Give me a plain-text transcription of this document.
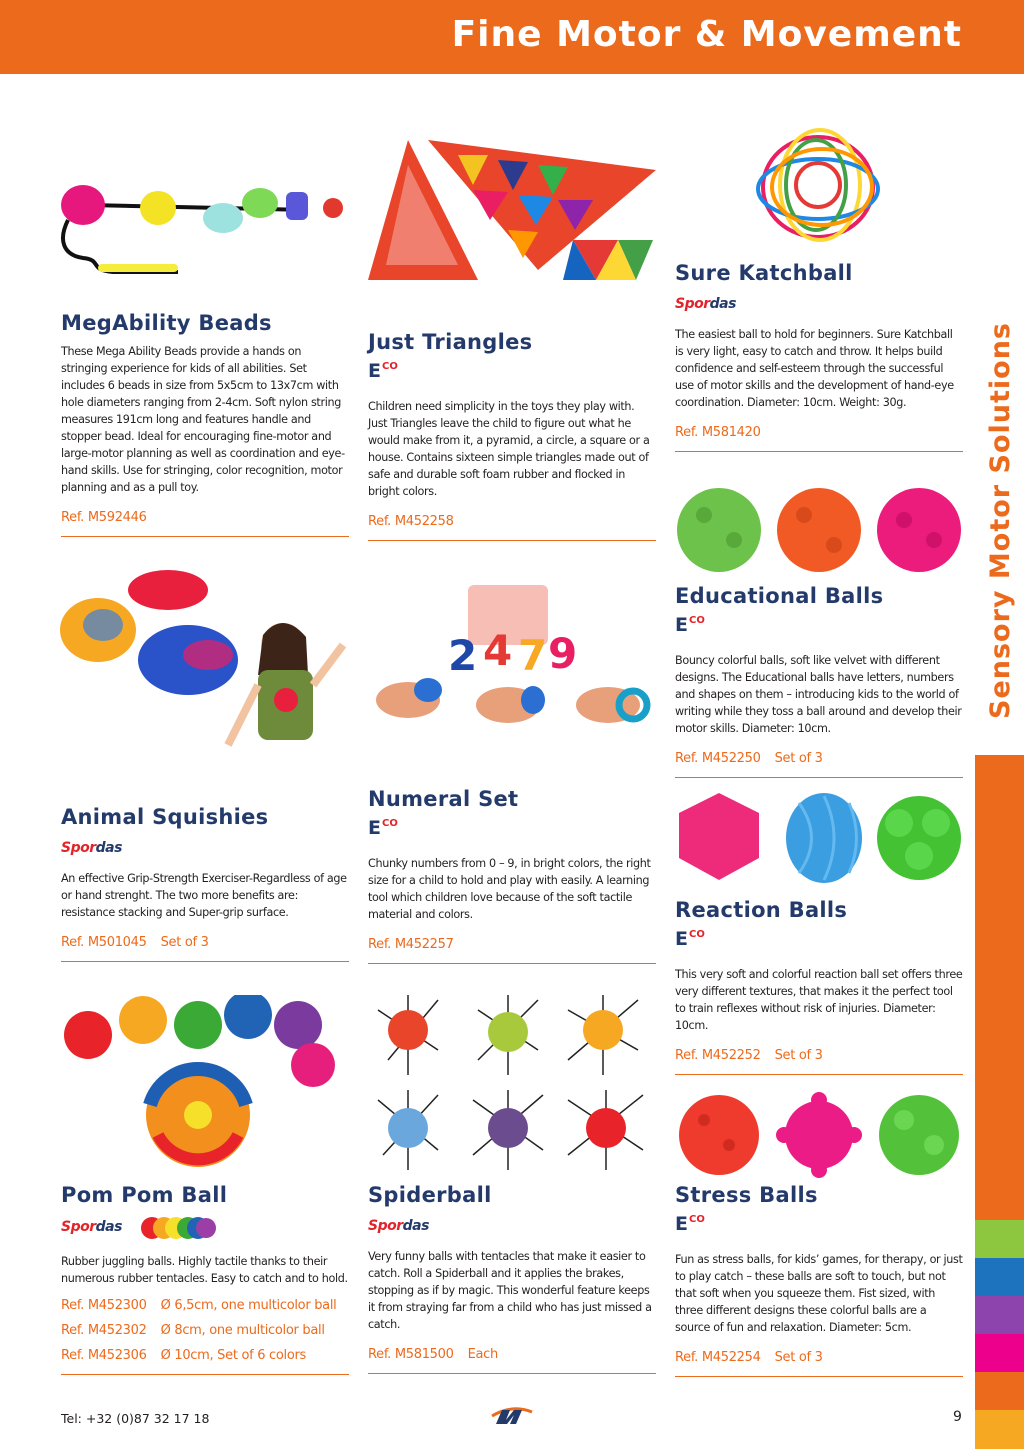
Fine Motor & Movement
Sensory Motor Solutions
2 4 7 9
MegAbility Beads
These Mega Ability Beads provide a hands on stringing experience for kids of all abilities. Set includes 6 beads in size from 5x5cm to 13x7cm with hole diameters ranging from 2-4cm. Soft nylon string measures 191cm long and features handle and stopper bead. Ideal for encouraging fine-motor and large-motor planning as well as coordination and eye-hand skills. Use for stringing, color recognition, motor planning and as a pull toy.
Ref. M592446
Just Triangles
E CO
Children need simplicity in the toys they play with. Just Triangles leave the child to figure out what he would make from it, a pyramid, a circle, a square or a house. Contains sixteen simple triangles made out of safe and durable soft foam rubber and flocked in bright colors.
Ref. M452258
Sure Katchball
Spordas
The easiest ball to hold for beginners. Sure Katchball is very light, easy to catch and throw. It helps build confidence and self-esteem through the successful use of motor skills and the development of hand-eye coordination. Diameter: 10cm. Weight: 30g.
Ref. M581420
Educational Balls
E CO
Bouncy colorful balls, soft like velvet with different designs. The Educational balls have letters, numbers and shapes on them – introducing kids to the world of writing while they toss a ball around and develop their motor skills. Diameter: 10cm.
Ref. M452250 Set of 3
Animal Squishies
Spordas
An effective Grip-Strength Exerciser-Regardless of age or hand strenght. The two more benefits are: resistance stacking and Super-grip surface.
Ref. M501045 Set of 3
Numeral Set
E CO
Chunky numbers from 0 – 9, in bright colors, the right size for a child to hold and play with easily. A learning tool which children love because of the soft tactile material and colors.
Ref. M452257
Reaction Balls
E CO
This very soft and colorful reaction ball set offers three very different textures, that makes it the perfect tool to train reflexes without risk of injuries. Diameter: 10cm.
Ref. M452252 Set of 3
Pom Pom Ball
Spordas
Rubber juggling balls. Highly tactile thanks to their numerous rubber tentacles. Easy to catch and to hold.
Ref. M452300 Ø 6,5cm, one multicolor ball
Ref. M452302 Ø 8cm, one multicolor ball
Ref. M452306 Ø 10cm, Set of 6 colors
Spiderball
Spordas
Very funny balls with tentacles that make it easier to catch. Roll a Spiderball and it applies the brakes, stopping as if by magic. This wonderful feature keeps it from straying far from a child who has just missed a catch.
Ref. M581500 Each
Stress Balls
E CO
Fun as stress balls, for kids’ games, for therapy, or just to play catch – these balls are soft to touch, but not that soft when you squeeze them. Fist sized, with three different designs these colorful balls are a source of fun and relaxation. Diameter: 5cm.
Ref. M452254 Set of 3
Tel: +32 (0)87 32 17 18	9
